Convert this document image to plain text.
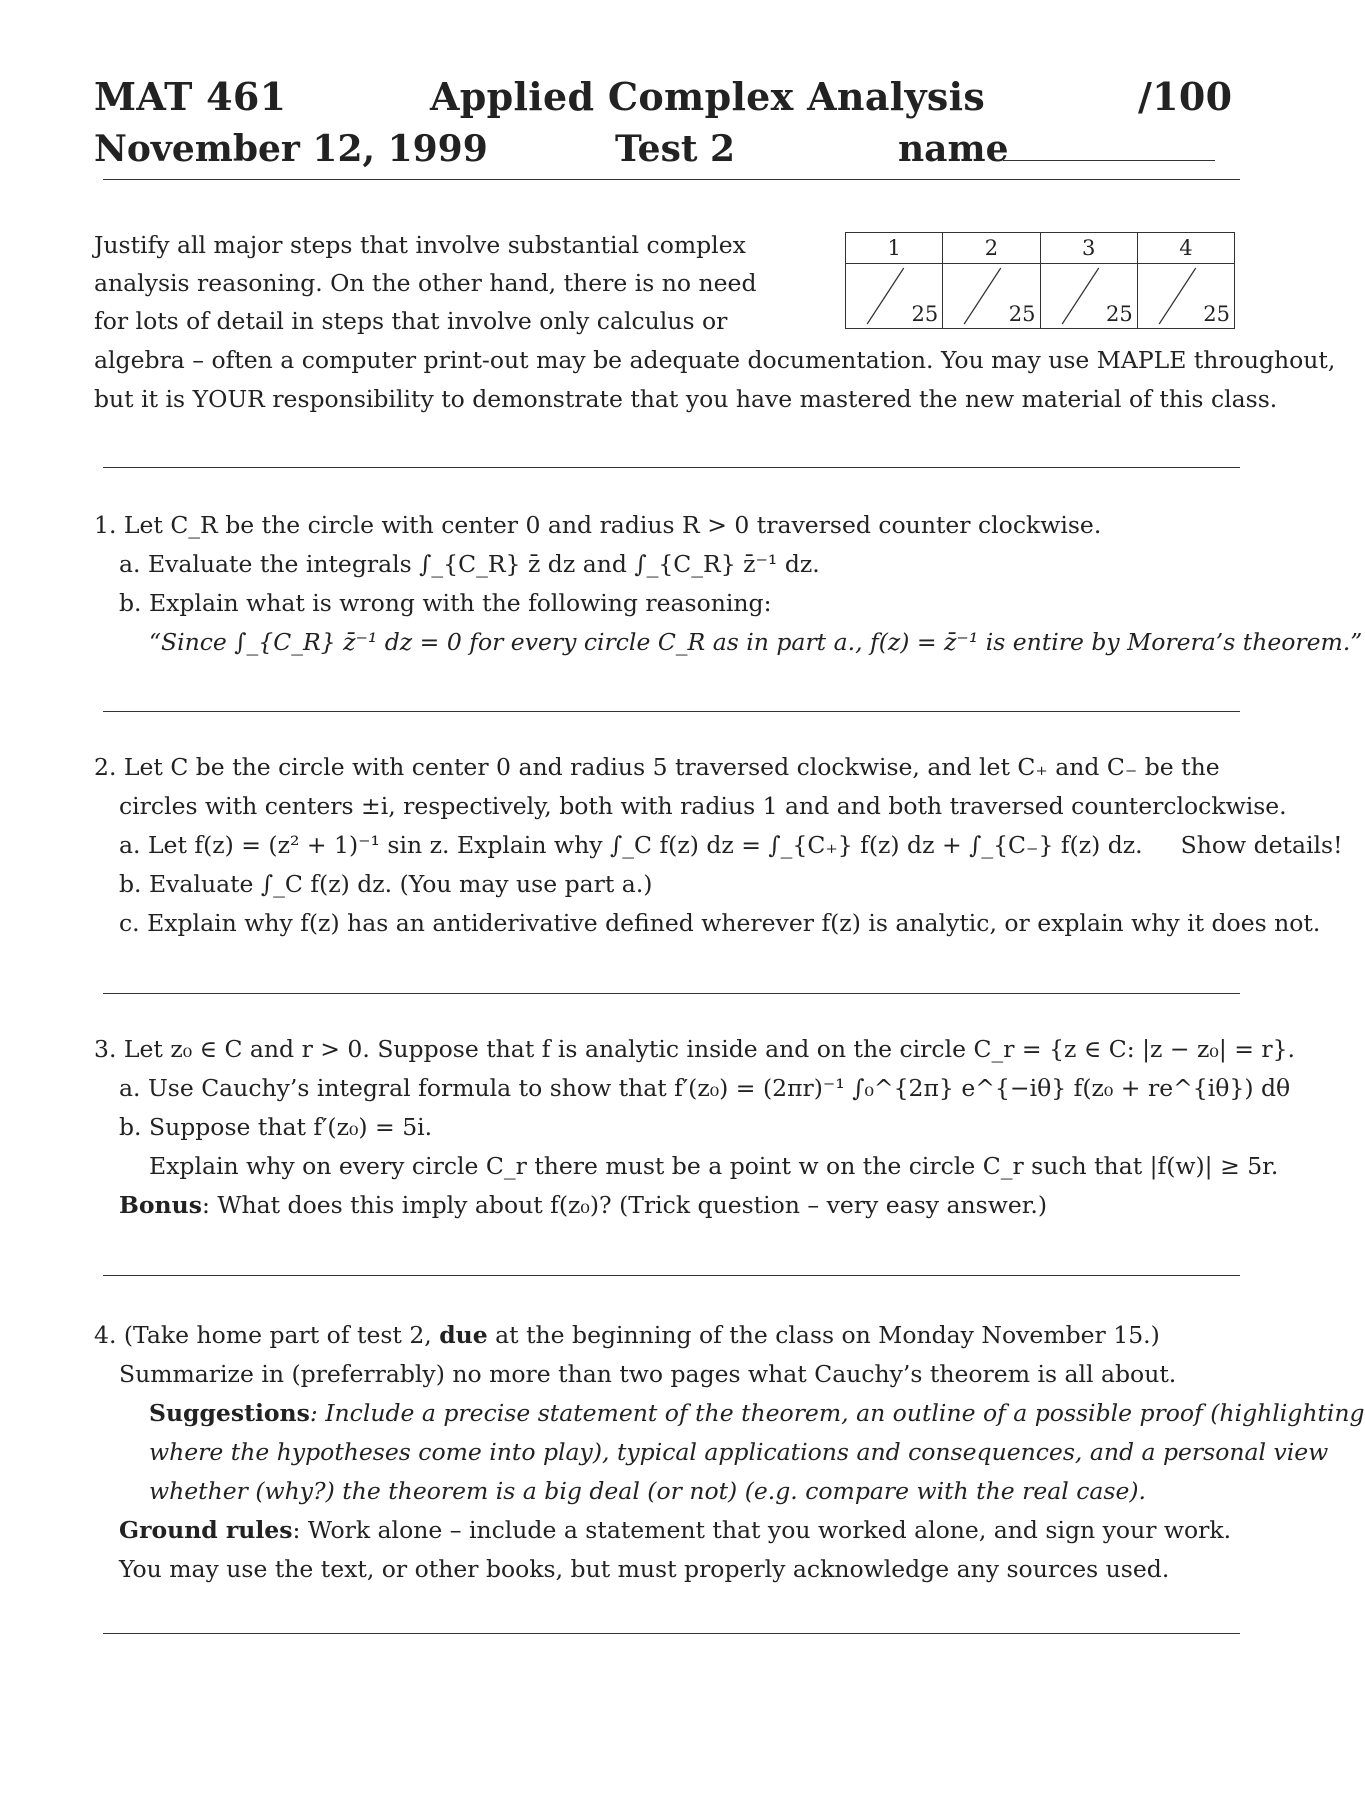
MAT 461	Applied Complex Analysis	/100
November 12, 1999	Test 2	name
Justify all major steps that involve substantial complex
analysis reasoning. On the other hand, there is no need
for lots of detail in steps that involve only calculus or
algebra – often a computer print-out may be adequate documentation. You may use MAPLE throughout,
but it is YOUR responsibility to demonstrate that you have mastered the new material of this class.
1	2	3	4

25	25	25	25
1. Let C_R be the circle with center 0 and radius R > 0 traversed counter clockwise.
a. Evaluate the integrals ∫_{C_R} z̄ dz and ∫_{C_R} z̄⁻¹ dz.
b. Explain what is wrong with the following reasoning:
“Since ∫_{C_R} z̄⁻¹ dz = 0 for every circle C_R as in part a., f(z) = z̄⁻¹ is entire by Morera’s theorem.”
2. Let C be the circle with center 0 and radius 5 traversed clockwise, and let C₊ and C₋ be the
circles with centers ±i, respectively, both with radius 1 and and both traversed counterclockwise.
a. Let f(z) = (z² + 1)⁻¹ sin z. Explain why ∫_C f(z) dz = ∫_{C₊} f(z) dz + ∫_{C₋} f(z) dz. Show details!
b. Evaluate ∫_C f(z) dz. (You may use part a.)
c. Explain why f(z) has an antiderivative defined wherever f(z) is analytic, or explain why it does not.
3. Let z₀ ∈ C and r > 0. Suppose that f is analytic inside and on the circle C_r = {z ∈ C: |z − z₀| = r}.
a. Use Cauchy’s integral formula to show that f′(z₀) = (2πr)⁻¹ ∫₀^{2π} e^{−iθ} f(z₀ + re^{iθ}) dθ
b. Suppose that f′(z₀) = 5i.
Explain why on every circle C_r there must be a point w on the circle C_r such that |f(w)| ≥ 5r.
Bonus: What does this imply about f(z₀)? (Trick question – very easy answer.)
4. (Take home part of test 2, due at the beginning of the class on Monday November 15.)
Summarize in (preferrably) no more than two pages what Cauchy’s theorem is all about.
Suggestions: Include a precise statement of the theorem, an outline of a possible proof (highlighting
where the hypotheses come into play), typical applications and consequences, and a personal view
whether (why?) the theorem is a big deal (or not) (e.g. compare with the real case).
Ground rules: Work alone – include a statement that you worked alone, and sign your work.
You may use the text, or other books, but must properly acknowledge any sources used.
